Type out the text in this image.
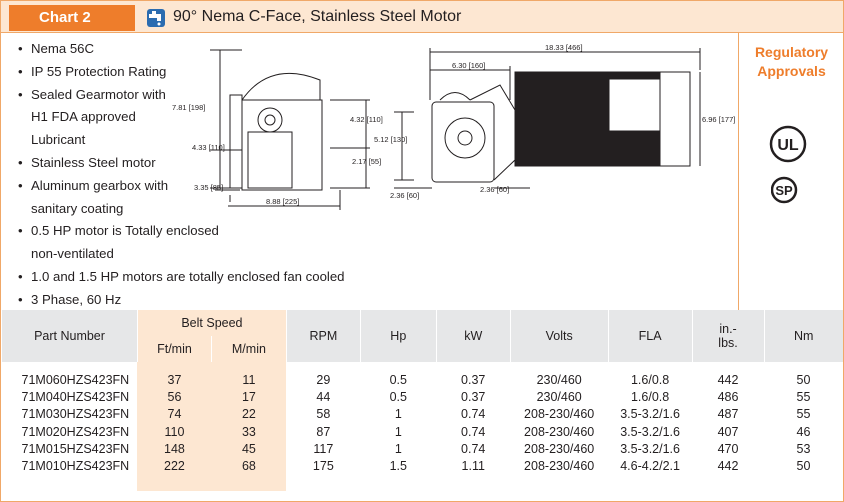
Chart 2	90° Nema C-Face, Stainless Steel Motor
• Nema 56C
• IP 55 Protection Rating
• Sealed Gearmotor with
H1 FDA approved
Lubricant
• Stainless Steel motor
• Aluminum gearbox with
sanitary coating
• 0.5 HP motor is Totally enclosed
non-ventilated
• 1.0 and 1.5 HP motors are totally enclosed fan cooled
• 3 Phase, 60 Hz
7.81 [198]
4.33 [110]
3.35 [85]
8.88 [225]
4.32 [110]
2.17 [55]
18.33 [466]
6.30 [160]
5.12 [130]
6.96 [177]
2.36 [60]
2.36 [60]
Regulatory
Approvals
UL
SP
Part Number	Belt Speed		RPM	Hp	kW	Volts	FLA	in.-
lbs.	Nm
	Ft/min	M/min							

71M060HZS423FN	37	11	29	0.5	0.37	230/460	1.6/0.8	442	50
71M040HZS423FN	56	17	44	0.5	0.37	230/460	1.6/0.8	486	55
71M030HZS423FN	74	22	58	1	0.74	208-230/460	3.5-3.2/1.6	487	55
71M020HZS423FN	110	33	87	1	0.74	208-230/460	3.5-3.2/1.6	407	46
71M015HZS423FN	148	45	117	1	0.74	208-230/460	3.5-3.2/1.6	470	53
71M010HZS423FN	222	68	175	1.5	1.11	208-230/460	4.6-4.2/2.1	442	50
